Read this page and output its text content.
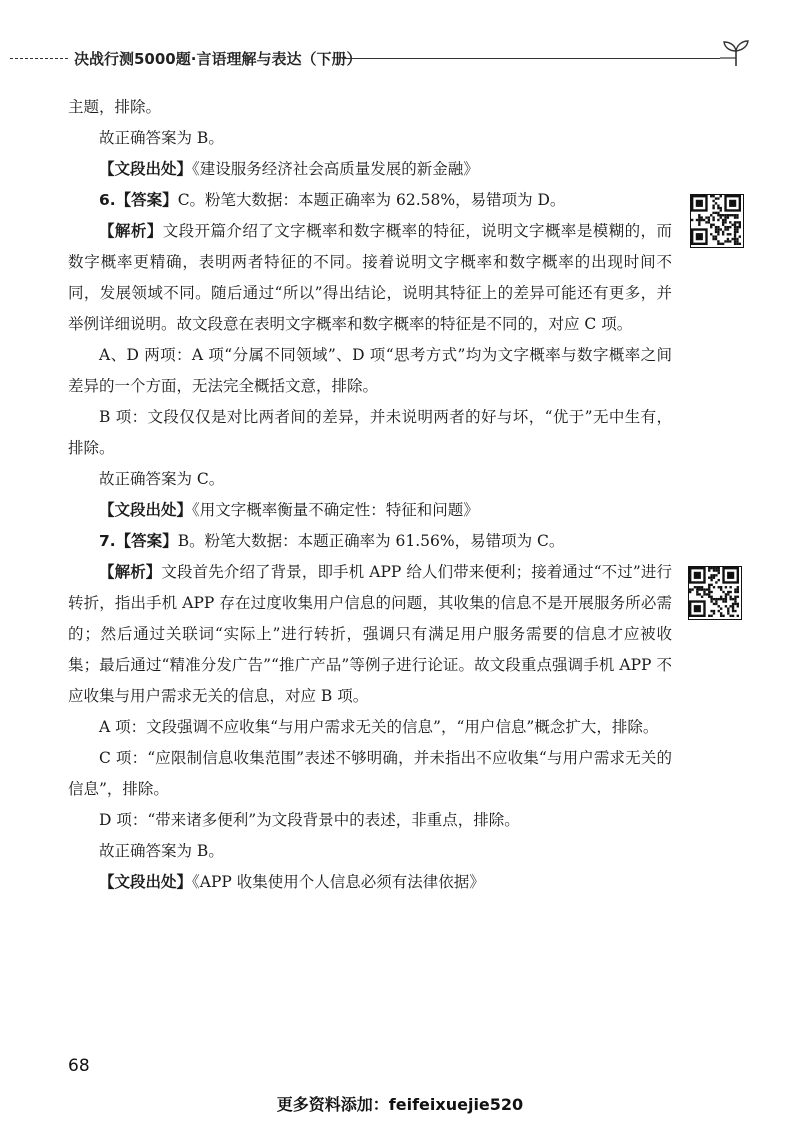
决战行测5000题·言语理解与表达（下册）

主题，排除。

故正确答案为 B。

【文段出处】《建设服务经济社会高质量发展的新金融》

6.【答案】C。粉笔大数据：本题正确率为 62.58%，易错项为 D。

【解析】文段开篇介绍了文字概率和数字概率的特征，说明文字概率是模糊的，而数字概率更精确，表明两者特征的不同。接着说明文字概率和数字概率的出现时间不同，发展领域不同。随后通过“所以”得出结论，说明其特征上的差异可能还有更多，并举例详细说明。故文段意在表明文字概率和数字概率的特征是不同的，对应 C 项。

A、D 两项：A 项“分属不同领域”、D 项“思考方式”均为文字概率与数字概率之间差异的一个方面，无法完全概括文意，排除。

B 项：文段仅仅是对比两者间的差异，并未说明两者的好与坏，“优于”无中生有，排除。

故正确答案为 C。

【文段出处】《用文字概率衡量不确定性：特征和问题》

7.【答案】B。粉笔大数据：本题正确率为 61.56%，易错项为 C。

【解析】文段首先介绍了背景，即手机 APP 给人们带来便利；接着通过“不过”进行转折，指出手机 APP 存在过度收集用户信息的问题，其收集的信息不是开展服务所必需的；然后通过关联词“实际上”进行转折，强调只有满足用户服务需要的信息才应被收集；最后通过“精准分发广告”“推广产品”等例子进行论证。故文段重点强调手机 APP 不应收集与用户需求无关的信息，对应 B 项。

A 项：文段强调不应收集“与用户需求无关的信息”，“用户信息”概念扩大，排除。

C 项：“应限制信息收集范围”表述不够明确，并未指出不应收集“与用户需求无关的信息”，排除。

D 项：“带来诸多便利”为文段背景中的表述，非重点，排除。

故正确答案为 B。

【文段出处】《APP 收集使用个人信息必须有法律依据》

68
更多资料添加：feifeixuejie520
